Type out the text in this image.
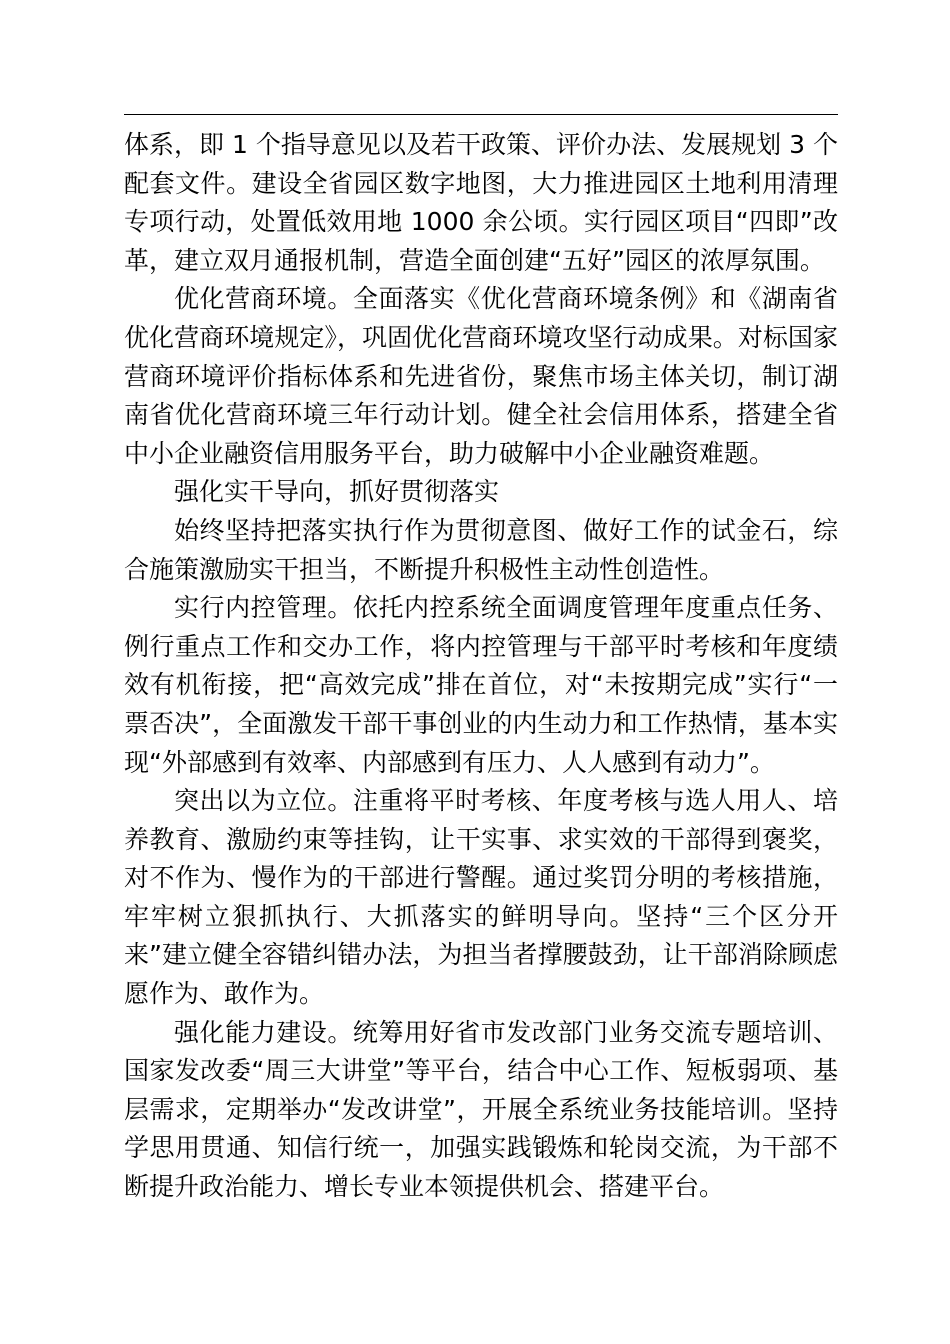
体系，即 1 个指导意见以及若干政策、评价办法、发展规划 3 个配套文件。建设全省园区数字地图，大力推进园区土地利用清理专项行动，处置低效用地 1000 余公顷。实行园区项目“四即”改革，建立双月通报机制，营造全面创建“五好”园区的浓厚氛围。

优化营商环境。全面落实《优化营商环境条例》和《湖南省优化营商环境规定》，巩固优化营商环境攻坚行动成果。对标国家营商环境评价指标体系和先进省份，聚焦市场主体关切，制订湖南省优化营商环境三年行动计划。健全社会信用体系，搭建全省中小企业融资信用服务平台，助力破解中小企业融资难题。

强化实干导向，抓好贯彻落实

始终坚持把落实执行作为贯彻意图、做好工作的试金石，综合施策激励实干担当，不断提升积极性主动性创造性。

实行内控管理。依托内控系统全面调度管理年度重点任务、例行重点工作和交办工作，将内控管理与干部平时考核和年度绩效有机衔接，把“高效完成”排在首位，对“未按期完成”实行“一票否决”，全面激发干部干事创业的内生动力和工作热情，基本实现“外部感到有效率、内部感到有压力、人人感到有动力”。

突出以为立位。注重将平时考核、年度考核与选人用人、培养教育、激励约束等挂钩，让干实事、求实效的干部得到褒奖，对不作为、慢作为的干部进行警醒。通过奖罚分明的考核措施，牢牢树立狠抓执行、大抓落实的鲜明导向。坚持“三个区分开来”建立健全容错纠错办法，为担当者撑腰鼓劲，让干部消除顾虑愿作为、敢作为。

强化能力建设。统筹用好省市发改部门业务交流专题培训、国家发改委“周三大讲堂”等平台，结合中心工作、短板弱项、基层需求，定期举办“发改讲堂”，开展全系统业务技能培训。坚持学思用贯通、知信行统一，加强实践锻炼和轮岗交流，为干部不断提升政治能力、增长专业本领提供机会、搭建平台。
